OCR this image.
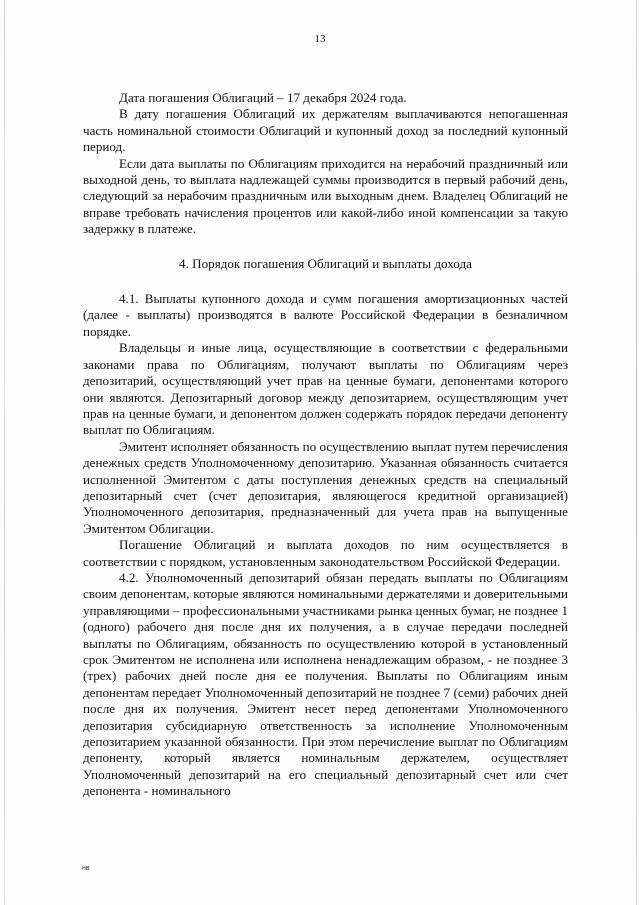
13

Дата погашения Облигаций – 17 декабря 2024 года.

В дату погашения Облигаций их держателям выплачиваются непогашенная часть номинальной стоимости Облигаций и купонный доход за последний купонный период.

Если дата выплаты по Облигациям приходится на нерабочий праздничный или выходной день, то выплата надлежащей суммы производится в первый рабочий день, следующий за нерабочим праздничным или выходным днем. Владелец Облигаций не вправе требовать начисления процентов или какой-либо иной компенсации за такую задержку в платеже.

4. Порядок погашения Облигаций и выплаты дохода

4.1. Выплаты купонного дохода и сумм погашения амортизационных частей (далее - выплаты) производятся в валюте Российской Федерации в безналичном порядке.

Владельцы и иные лица, осуществляющие в соответствии с федеральными законами права по Облигациям, получают выплаты по Облигациям через депозитарий, осуществляющий учет прав на ценные бумаги, депонентами которого они являются. Депозитарный договор между депозитарием, осуществляющим учет прав на ценные бумаги, и депонентом должен содержать порядок передачи депоненту выплат по Облигациям.

Эмитент исполняет обязанность по осуществлению выплат путем перечисления денежных средств Уполномоченному депозитарию. Указанная обязанность считается исполненной Эмитентом с даты поступления денежных средств на специальный депозитарный счет (счет депозитария, являющегося кредитной организацией) Уполномоченного депозитария, предназначенный для учета прав на выпущенные Эмитентом Облигации.

Погашение Облигаций и выплата доходов по ним осуществляется в соответствии с порядком, установленным законодательством Российской Федерации.

4.2. Уполномоченный депозитарий обязан передать выплаты по Облигациям своим депонентам, которые являются номинальными держателями и доверительными управляющими – профессиональными участниками рынка ценных бумаг, не позднее 1 (одного) рабочего дня после дня их получения, а в случае передачи последней выплаты по Облигациям, обязанность по осуществлению которой в установленный срок Эмитентом не исполнена или исполнена ненадлежащим образом, - не позднее 3 (трех) рабочих дней после дня ее получения. Выплаты по Облигациям иным депонентам передает Уполномоченный депозитарий не позднее 7 (семи) рабочих дней после дня их получения. Эмитент несет перед депонентами Уполномоченного депозитария субсидиарную ответственность за исполнение Уполномоченным депозитарием указанной обязанности. При этом перечисление выплат по Облигациям депоненту, который является номинальным держателем, осуществляет Уполномоченный депозитарий на его специальный депозитарный счет или счет депонента - номинального

нв
